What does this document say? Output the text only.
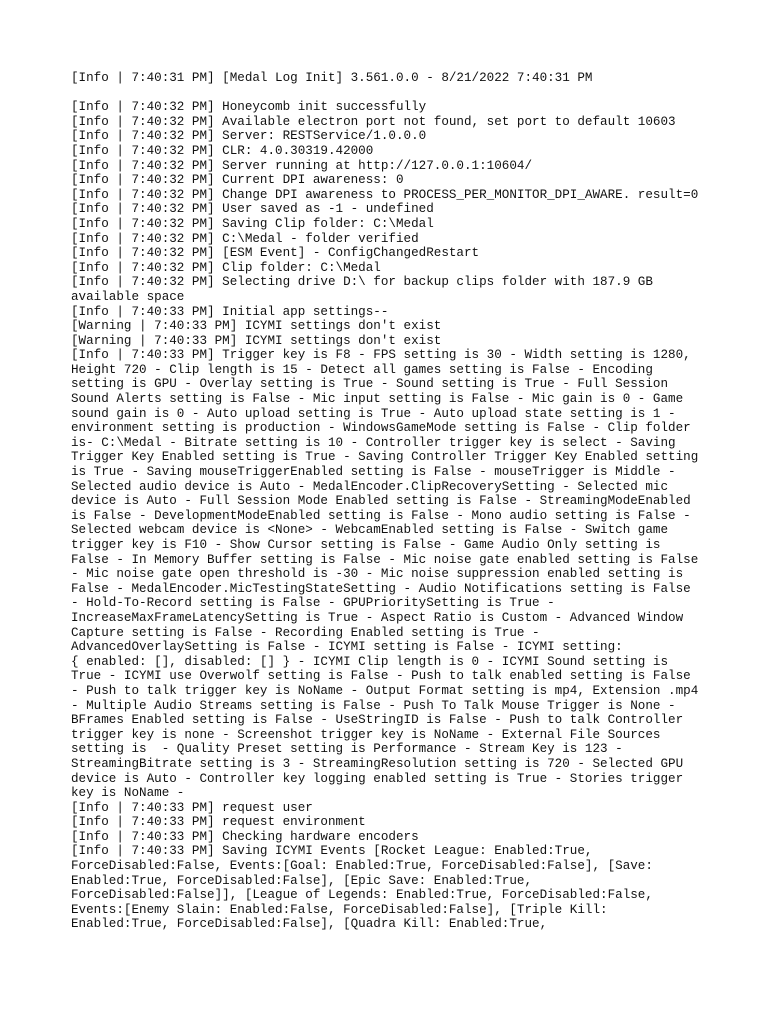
[Info | 7:40:31 PM] [Medal Log Init] 3.561.0.0 - 8/21/2022 7:40:31 PM
[Info | 7:40:32 PM] Honeycomb init successfully
[Info | 7:40:32 PM] Available electron port not found, set port to default 10603
[Info | 7:40:32 PM] Server: RESTService/1.0.0.0
[Info | 7:40:32 PM] CLR: 4.0.30319.42000
[Info | 7:40:32 PM] Server running at http://127.0.0.1:10604/
[Info | 7:40:32 PM] Current DPI awareness: 0
[Info | 7:40:32 PM] Change DPI awareness to PROCESS_PER_MONITOR_DPI_AWARE. result=0
[Info | 7:40:32 PM] User saved as -1 - undefined
[Info | 7:40:32 PM] Saving Clip folder: C:\Medal
[Info | 7:40:32 PM] C:\Medal - folder verified
[Info | 7:40:32 PM] [ESM Event] - ConfigChangedRestart
[Info | 7:40:32 PM] Clip folder: C:\Medal
[Info | 7:40:32 PM] Selecting drive D:\ for backup clips folder with 187.9 GB
available space
[Info | 7:40:33 PM] Initial app settings--
[Warning | 7:40:33 PM] ICYMI settings don't exist
[Warning | 7:40:33 PM] ICYMI settings don't exist
[Info | 7:40:33 PM] Trigger key is F8 - FPS setting is 30 - Width setting is 1280,
Height 720 - Clip length is 15 - Detect all games setting is False - Encoding
setting is GPU - Overlay setting is True - Sound setting is True - Full Session
Sound Alerts setting is False - Mic input setting is False - Mic gain is 0 - Game
sound gain is 0 - Auto upload setting is True - Auto upload state setting is 1 -
environment setting is production - WindowsGameMode setting is False - Clip folder
is- C:\Medal - Bitrate setting is 10 - Controller trigger key is select - Saving
Trigger Key Enabled setting is True - Saving Controller Trigger Key Enabled setting
is True - Saving mouseTriggerEnabled setting is False - mouseTrigger is Middle -
Selected audio device is Auto - MedalEncoder.ClipRecoverySetting - Selected mic
device is Auto - Full Session Mode Enabled setting is False - StreamingModeEnabled
is False - DevelopmentModeEnabled setting is False - Mono audio setting is False -
Selected webcam device is <None> - WebcamEnabled setting is False - Switch game
trigger key is F10 - Show Cursor setting is False - Game Audio Only setting is
False - In Memory Buffer setting is False - Mic noise gate enabled setting is False
- Mic noise gate open threshold is -30 - Mic noise suppression enabled setting is
False - MedalEncoder.MicTestingStateSetting - Audio Notifications setting is False
- Hold-To-Record setting is False - GPUPrioritySetting is True -
IncreaseMaxFrameLatencySetting is True - Aspect Ratio is Custom - Advanced Window
Capture setting is False - Recording Enabled setting is True -
AdvancedOverlaySetting is False - ICYMI setting is False - ICYMI setting:
{ enabled: [], disabled: [] } - ICYMI Clip length is 0 - ICYMI Sound setting is
True - ICYMI use Overwolf setting is False - Push to talk enabled setting is False
- Push to talk trigger key is NoName - Output Format setting is mp4, Extension .mp4
- Multiple Audio Streams setting is False - Push To Talk Mouse Trigger is None -
BFrames Enabled setting is False - UseStringID is False - Push to talk Controller
trigger key is none - Screenshot trigger key is NoName - External File Sources
setting is  - Quality Preset setting is Performance - Stream Key is 123 -
StreamingBitrate setting is 3 - StreamingResolution setting is 720 - Selected GPU
device is Auto - Controller key logging enabled setting is True - Stories trigger
key is NoName -
[Info | 7:40:33 PM] request user
[Info | 7:40:33 PM] request environment
[Info | 7:40:33 PM] Checking hardware encoders
[Info | 7:40:33 PM] Saving ICYMI Events [Rocket League: Enabled:True,
ForceDisabled:False, Events:[Goal: Enabled:True, ForceDisabled:False], [Save:
Enabled:True, ForceDisabled:False], [Epic Save: Enabled:True,
ForceDisabled:False]], [League of Legends: Enabled:True, ForceDisabled:False,
Events:[Enemy Slain: Enabled:False, ForceDisabled:False], [Triple Kill:
Enabled:True, ForceDisabled:False], [Quadra Kill: Enabled:True,
